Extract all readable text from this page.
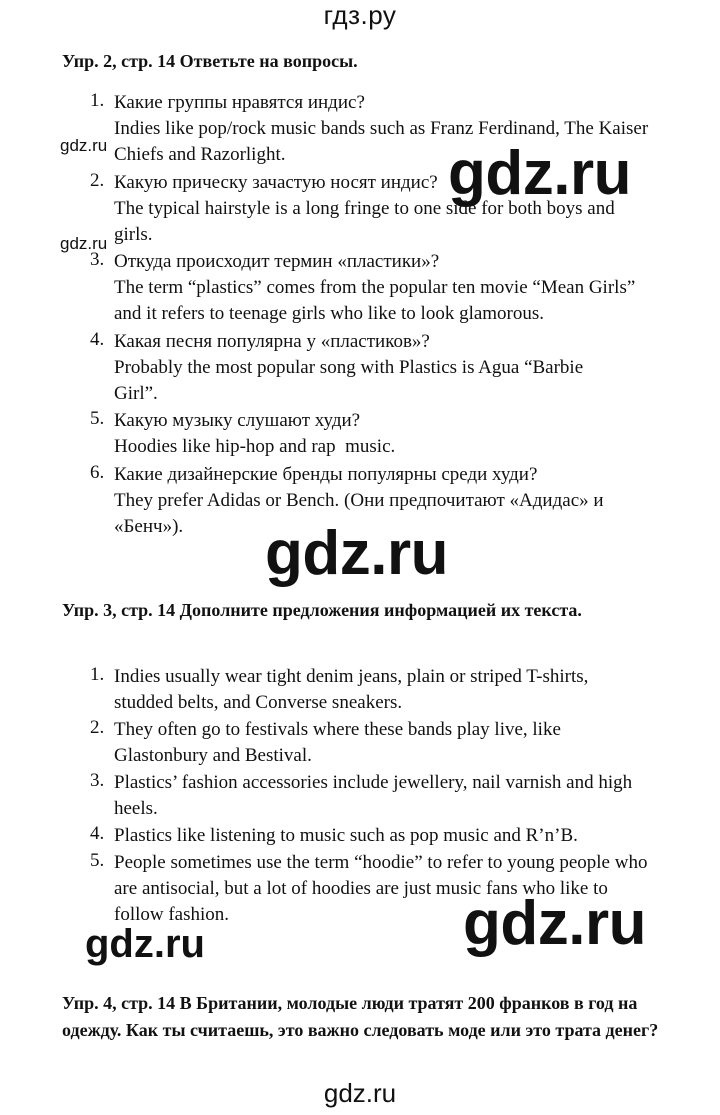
гдз.ру
Упр. 2, стр. 14 Ответьте на вопросы.
1. Какие группы нравятся индис?
Indies like pop/rock music bands such as Franz Ferdinand, The Kaiser Chiefs and Razorlight.
2. Какую прическу зачастую носят индис?
The typical hairstyle is a long fringe to one side for both boys and girls.
3. Откуда происходит термин «пластики»?
The term “plastics” comes from the popular ten movie “Mean Girls” and it refers to teenage girls who like to look glamorous.
4. Какая песня популярна у «пластиков»?
Probably the most popular song with Plastics is Agua “Barbie Girl”.
5. Какую музыку слушают худи?
Hoodies like hip-hop and rap  music.
6. Какие дизайнерские бренды популярны среди худи?
They prefer Adidas or Bench. (Они предпочитают «Адидас» и «Бенч»).
Упр. 3, стр. 14 Дополните предложения информацией их текста.
1. Indies usually wear tight denim jeans, plain or striped T-shirts, studded belts, and Converse sneakers.
2. They often go to festivals where these bands play live, like Glastonbury and Bestival.
3. Plastics’ fashion accessories include jewellery, nail varnish and high heels.
4. Plastics like listening to music such as pop music and R’n’B.
5. People sometimes use the term “hoodie” to refer to young people who are antisocial, but a lot of hoodies are just music fans who like to follow fashion.
Упр. 4, стр. 14 В Британии, молодые люди тратят 200 франков в год на одежду. Как ты считаешь, это важно следовать моде или это трата денег?
gdz.ru
gdz.ru
gdz.ru
gdz.ru
gdz.ru
gdz.ru
gdz.ru
